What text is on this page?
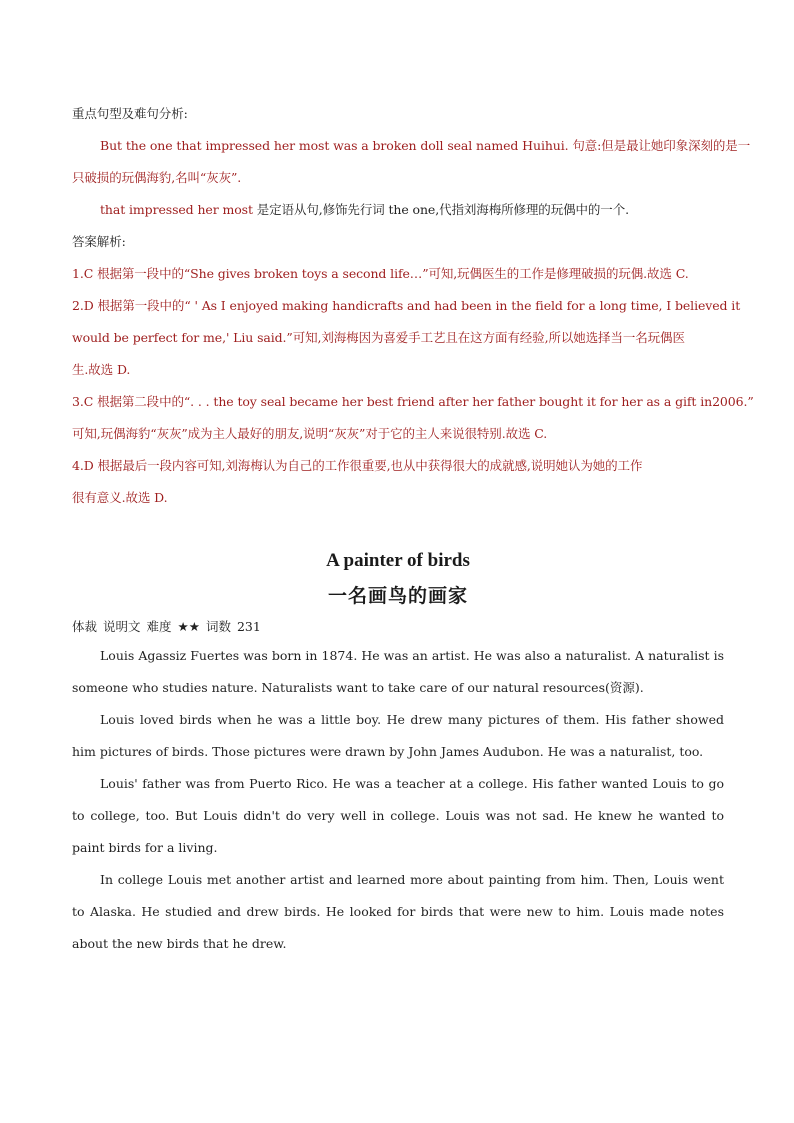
重点句型及难句分析:
But the one that impressed her most was a broken doll seal named Huihui. 句意:但是最让她印象深刻的是一
只破损的玩偶海豹,名叫“灰灰”.
that impressed her most 是定语从句,修饰先行词 the one,代指刘海梅所修理的玩偶中的一个.
答案解析:
1.C 根据第一段中的“She gives broken toys a second life…”可知,玩偶医生的工作是修理破损的玩偶.故选 C.
2.D 根据第一段中的“ ' As I enjoyed making handicrafts and had been in the field for a long time, I believed it
would be perfect for me,' Liu said.”可知,刘海梅因为喜爱手工艺且在这方面有经验,所以她选择当一名玩偶医
生.故选 D.
3.C 根据第二段中的“. . . the toy seal became her best friend after her father bought it for her as a gift in2006.”
可知,玩偶海豹“灰灰”成为主人最好的朋友,说明“灰灰”对于它的主人来说很特别.故选 C.
4.D 根据最后一段内容可知,刘海梅认为自己的工作很重要,也从中获得很大的成就感,说明她认为她的工作
很有意义.故选 D.
A painter of birds
一名画鸟的画家
体裁 说明文 难度 ★★ 词数 231
Louis Agassiz Fuertes was born in 1874. He was an artist. He was also a naturalist. A naturalist is someone who studies nature. Naturalists want to take care of our natural resources(资源).
Louis loved birds when he was a little boy. He drew many pictures of them. His father showed him pictures of birds. Those pictures were drawn by John James Audubon. He was a naturalist, too.
Louis' father was from Puerto Rico. He was a teacher at a college. His father wanted Louis to go to college, too. But Louis didn't do very well in college. Louis was not sad. He knew he wanted to paint birds for a living.
In college Louis met another artist and learned more about painting from him. Then, Louis went to Alaska. He studied and drew birds. He looked for birds that were new to him. Louis made notes about the new birds that he drew.
